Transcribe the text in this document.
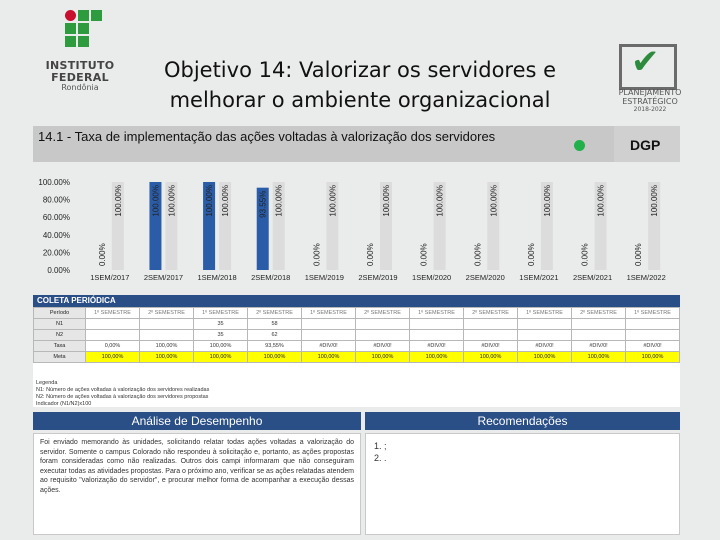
INSTITUTO
FEDERAL
Rondônia
Objetivo 14: Valorizar os servidores e melhorar o ambiente organizacional
✔
PLANEJAMENTO
ESTRATÉGICO
2018-2022
14.1 - Taxa de implementação das ações voltadas à valorização dos servidores
DGP
0.00%
20.00%
40.00%
60.00%
80.00%
100.00%
0.00%
100.00%
1SEM/2017
100.00% 100.00%
2SEM/2017
100.00% 100.00%
1SEM/2018
93.55% 100.00%
2SEM/2018
0.00%
100.00%
1SEM/2019
0.00%
100.00%
2SEM/2019
0.00%
100.00%
1SEM/2020
0.00%
100.00%
2SEM/2020
0.00%
100.00%
1SEM/2021
0.00%
100.00%
2SEM/2021
0.00%
100.00%
1SEM/2022
COLETA PERIÓDICA
Período	1º SEMESTRE	2º SEMESTRE	1º SEMESTRE	2º SEMESTRE	1º SEMESTRE	2º SEMESTRE	1º SEMESTRE	2º SEMESTRE	1º SEMESTRE	2º SEMESTRE	1º SEMESTRE
N1			35	58							
N2			35	62							
Taxa	0,00%	100,00%	100,00%	93,55%	#DIV/0!	#DIV/0!	#DIV/0!	#DIV/0!	#DIV/0!	#DIV/0!	#DIV/0!
Meta	100,00%	100,00%	100,00%	100,00%	100,00%	100,00%	100,00%	100,00%	100,00%	100,00%	100,00%
Legenda
N1: Número de ações voltadas à valorização dos servidores realizadas
N2: Número de ações voltadas à valorização dos servidores propostas
Indicador (N1/N2)x100
Análise de Desempenho
Foi enviado memorando às unidades, solicitando relatar todas ações voltadas a valorização do servidor. Somente o campus Colorado não respondeu à solicitação e, portanto, as ações propostas foram consideradas como não realizadas. Outros dois campi informaram que não conseguiram executar todas as atividades propostas. Para o próximo ano, verificar se as ações relatadas atendem ao requisito "valorização do servidor", e procurar melhor forma de acompanhar a execução dessas ações.
Recomendações
1. ;
2. .
